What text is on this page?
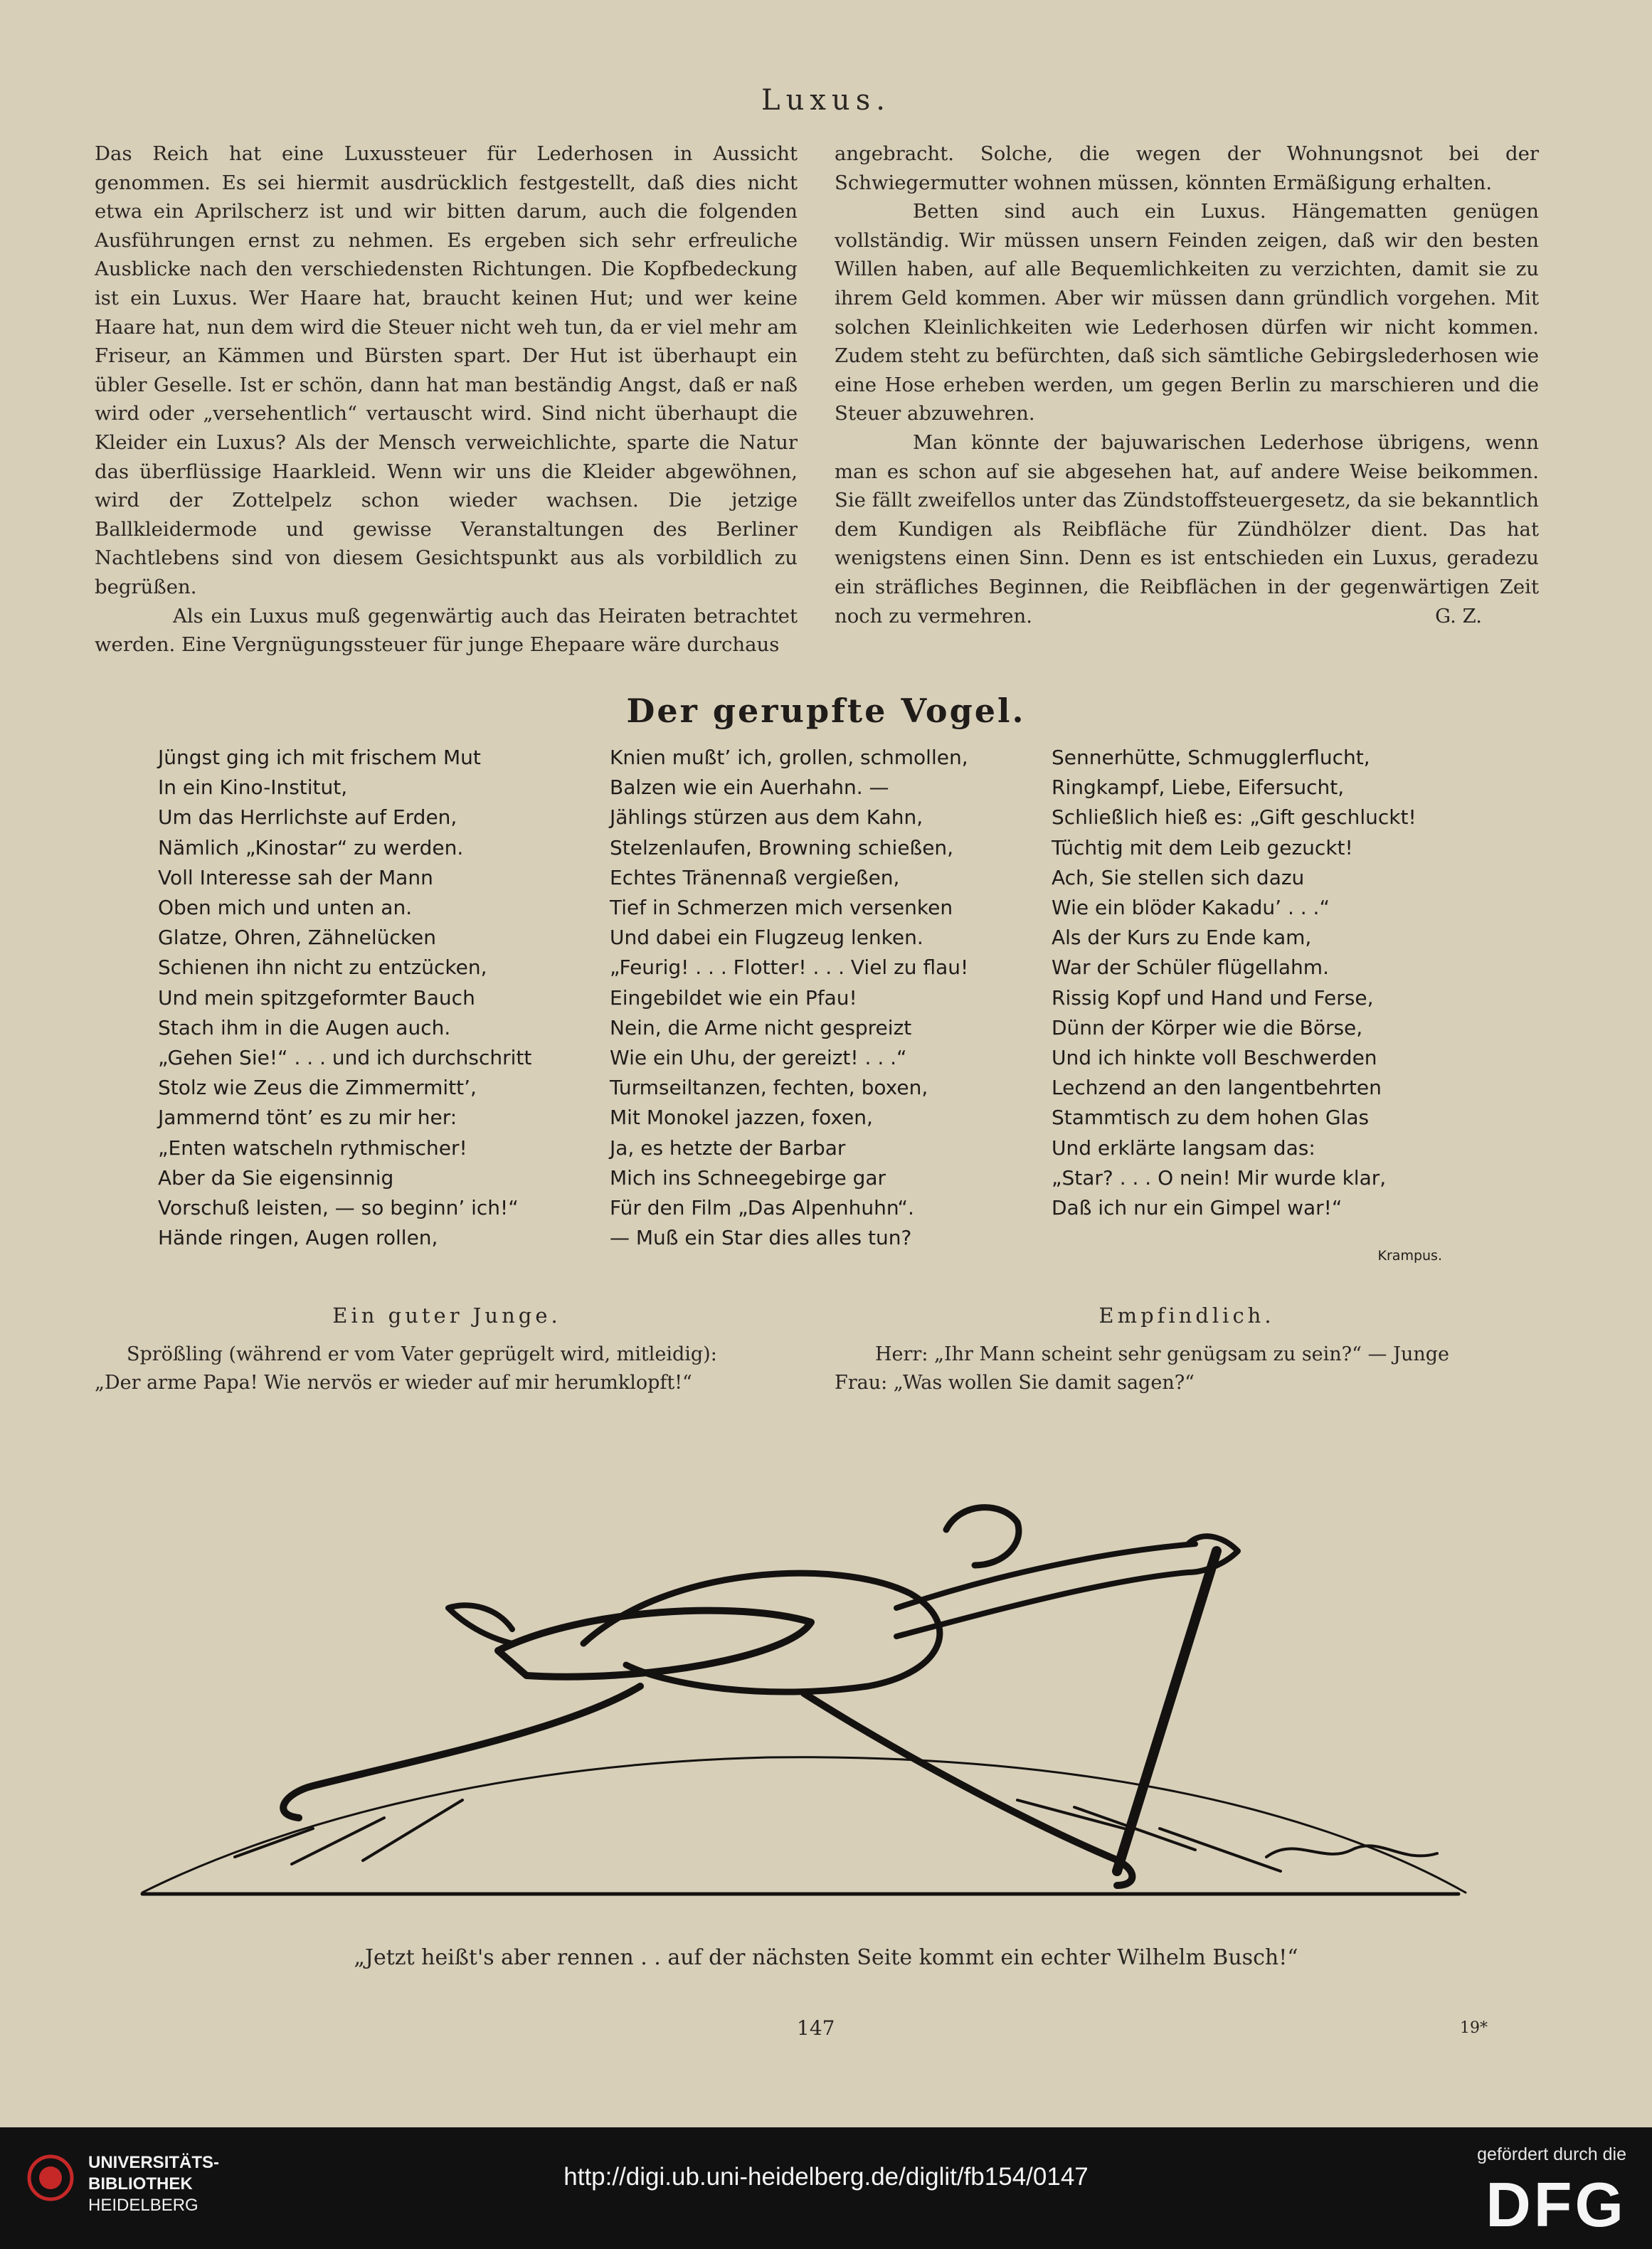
Luxus.

Das Reich hat eine Luxussteuer für Lederhosen in Aussicht genommen. Es sei hiermit ausdrücklich festgestellt, daß dies nicht etwa ein Aprilscherz ist und wir bitten darum, auch die folgenden Ausführungen ernst zu nehmen. Es ergeben sich sehr erfreuliche Ausblicke nach den verschiedensten Richtungen. Die Kopfbedeckung ist ein Luxus. Wer Haare hat, braucht keinen Hut; und wer keine Haare hat, nun dem wird die Steuer nicht weh tun, da er viel mehr am Friseur, an Kämmen und Bürsten spart. Der Hut ist überhaupt ein übler Geselle. Ist er schön, dann hat man beständig Angst, daß er naß wird oder „versehentlich“ vertauscht wird. Sind nicht überhaupt die Kleider ein Luxus? Als der Mensch verweichlichte, sparte die Natur das überflüssige Haarkleid. Wenn wir uns die Kleider abgewöhnen, wird der Zottelpelz schon wieder wachsen. Die jetzige Ballkleidermode und gewisse Veranstaltungen des Berliner Nachtlebens sind von diesem Gesichtspunkt aus als vorbildlich zu begrüßen.

Als ein Luxus muß gegenwärtig auch das Heiraten betrachtet werden. Eine Vergnügungssteuer für junge Ehepaare wäre durchaus

angebracht. Solche, die wegen der Wohnungsnot bei der Schwiegermutter wohnen müssen, könnten Ermäßigung erhalten.

Betten sind auch ein Luxus. Hängematten genügen vollständig. Wir müssen unsern Feinden zeigen, daß wir den besten Willen haben, auf alle Bequemlichkeiten zu verzichten, damit sie zu ihrem Geld kommen. Aber wir müssen dann gründlich vorgehen. Mit solchen Kleinlichkeiten wie Lederhosen dürfen wir nicht kommen. Zudem steht zu befürchten, daß sich sämtliche Gebirgslederhosen wie eine Hose erheben werden, um gegen Berlin zu marschieren und die Steuer abzuwehren.

Man könnte der bajuwarischen Lederhose übrigens, wenn man es schon auf sie abgesehen hat, auf andere Weise beikommen. Sie fällt zweifellos unter das Zündstoffsteuergesetz, da sie bekanntlich dem Kundigen als Reibfläche für Zündhölzer dient. Das hat wenigstens einen Sinn. Denn es ist entschieden ein Luxus, geradezu ein sträfliches Beginnen, die Reibflächen in der gegenwärtigen Zeit noch zu vermehren.	G. Z.
Der gerupfte Vogel.
Jüngst ging ich mit frischem Mut
In ein Kino-Institut,
Um das Herrlichste auf Erden,
Nämlich „Kinostar“ zu werden.
Voll Interesse sah der Mann
Oben mich und unten an.
Glatze, Ohren, Zähnelücken
Schienen ihn nicht zu entzücken,
Und mein spitzgeformter Bauch
Stach ihm in die Augen auch.
„Gehen Sie!“ . . . und ich durchschritt
Stolz wie Zeus die Zimmermitt’,
Jammernd tönt’ es zu mir her:
„Enten watscheln rythmischer!
Aber da Sie eigensinnig
Vorschuß leisten, — so beginn’ ich!“
Hände ringen, Augen rollen,
Knien mußt’ ich, grollen, schmollen,
Balzen wie ein Auerhahn. —
Jählings stürzen aus dem Kahn,
Stelzenlaufen, Browning schießen,
Echtes Tränennaß vergießen,
Tief in Schmerzen mich versenken
Und dabei ein Flugzeug lenken.
„Feurig! . . . Flotter! . . . Viel zu flau!
Eingebildet wie ein Pfau!
Nein, die Arme nicht gespreizt
Wie ein Uhu, der gereizt! . . .“
Turmseiltanzen, fechten, boxen,
Mit Monokel jazzen, foxen,
Ja, es hetzte der Barbar
Mich ins Schneegebirge gar
Für den Film „Das Alpenhuhn“.
— Muß ein Star dies alles tun?
Sennerhütte, Schmugglerflucht,
Ringkampf, Liebe, Eifersucht,
Schließlich hieß es: „Gift geschluckt!
Tüchtig mit dem Leib gezuckt!
Ach, Sie stellen sich dazu
Wie ein blöder Kakadu’ . . .“
Als der Kurs zu Ende kam,
War der Schüler flügellahm.
Rissig Kopf und Hand und Ferse,
Dünn der Körper wie die Börse,
Und ich hinkte voll Beschwerden
Lechzend an den langentbehrten
Stammtisch zu dem hohen Glas
Und erklärte langsam das:
„Star? . . . O nein! Mir wurde klar,
Daß ich nur ein Gimpel war!“
Krampus.
Ein guter Junge.	Empfindlich.
Sprößling (während er vom Vater geprügelt wird, mitleidig):
„Der arme Papa! Wie nervös er wieder auf mir herumklopft!“
Herr: „Ihr Mann scheint sehr genügsam zu sein?“ — Junge
Frau: „Was wollen Sie damit sagen?“
„Jetzt heißt's aber rennen . . auf der nächsten Seite kommt ein echter Wilhelm Busch!“
147	19*
UNIVERSITÄTS-
BIBLIOTHEK
HEIDELBERG
http://digi.ub.uni-heidelberg.de/diglit/fb154/0147
gefördert durch die
DFG
